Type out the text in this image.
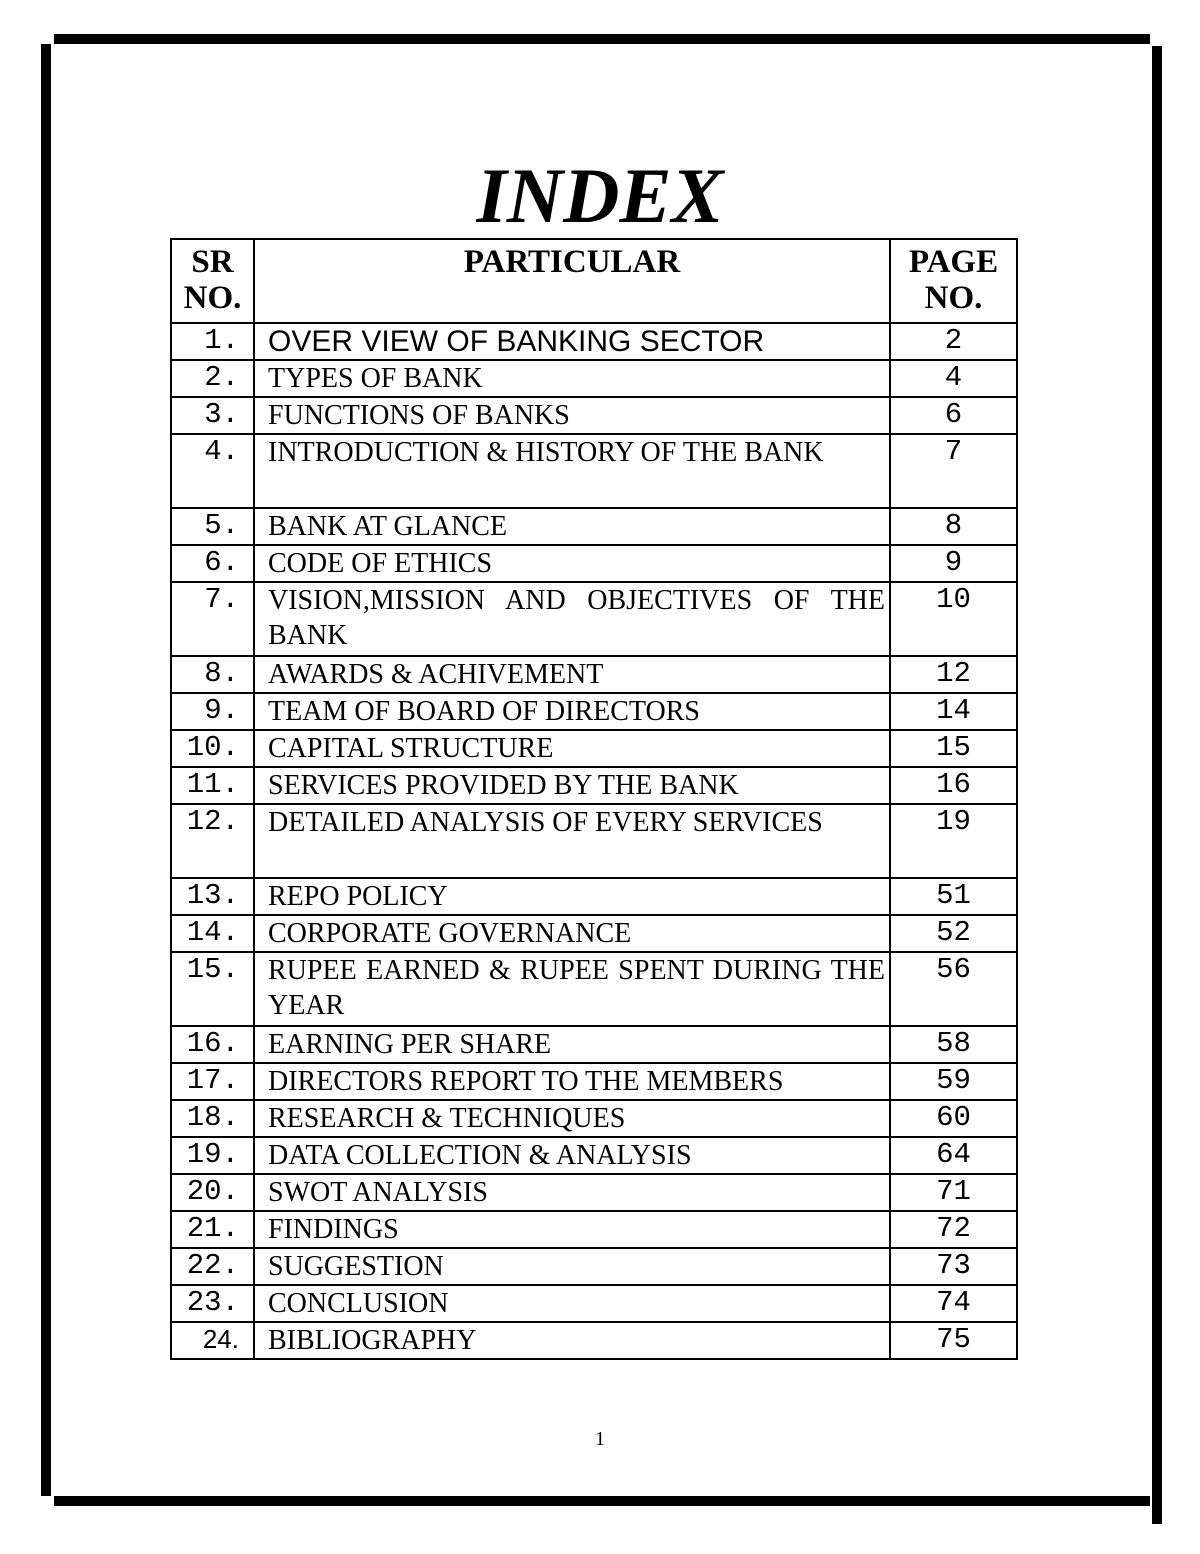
INDEX
SR NO.	PARTICULAR	PAGE NO.
1.	OVER VIEW OF BANKING SECTOR	2
2.	TYPES OF BANK	4
3.	FUNCTIONS OF BANKS	6
4.	INTRODUCTION & HISTORY OF THE BANK	7
5.	BANK AT GLANCE	8
6.	CODE OF ETHICS	9
7.	VISION,MISSION AND OBJECTIVES OF THE BANK	10
8.	AWARDS & ACHIVEMENT	12
9.	TEAM OF BOARD OF DIRECTORS	14
10.	CAPITAL STRUCTURE	15
11.	SERVICES PROVIDED BY THE BANK	16
12.	DETAILED ANALYSIS OF EVERY SERVICES	19
13.	REPO POLICY	51
14.	CORPORATE GOVERNANCE	52
15.	RUPEE EARNED & RUPEE SPENT DURING THE YEAR	56
16.	EARNING PER SHARE	58
17.	DIRECTORS REPORT TO THE MEMBERS	59
18.	RESEARCH & TECHNIQUES	60
19.	DATA COLLECTION & ANALYSIS	64
20.	SWOT ANALYSIS	71
21.	FINDINGS	72
22.	SUGGESTION	73
23.	CONCLUSION	74
24.	BIBLIOGRAPHY	75
1
